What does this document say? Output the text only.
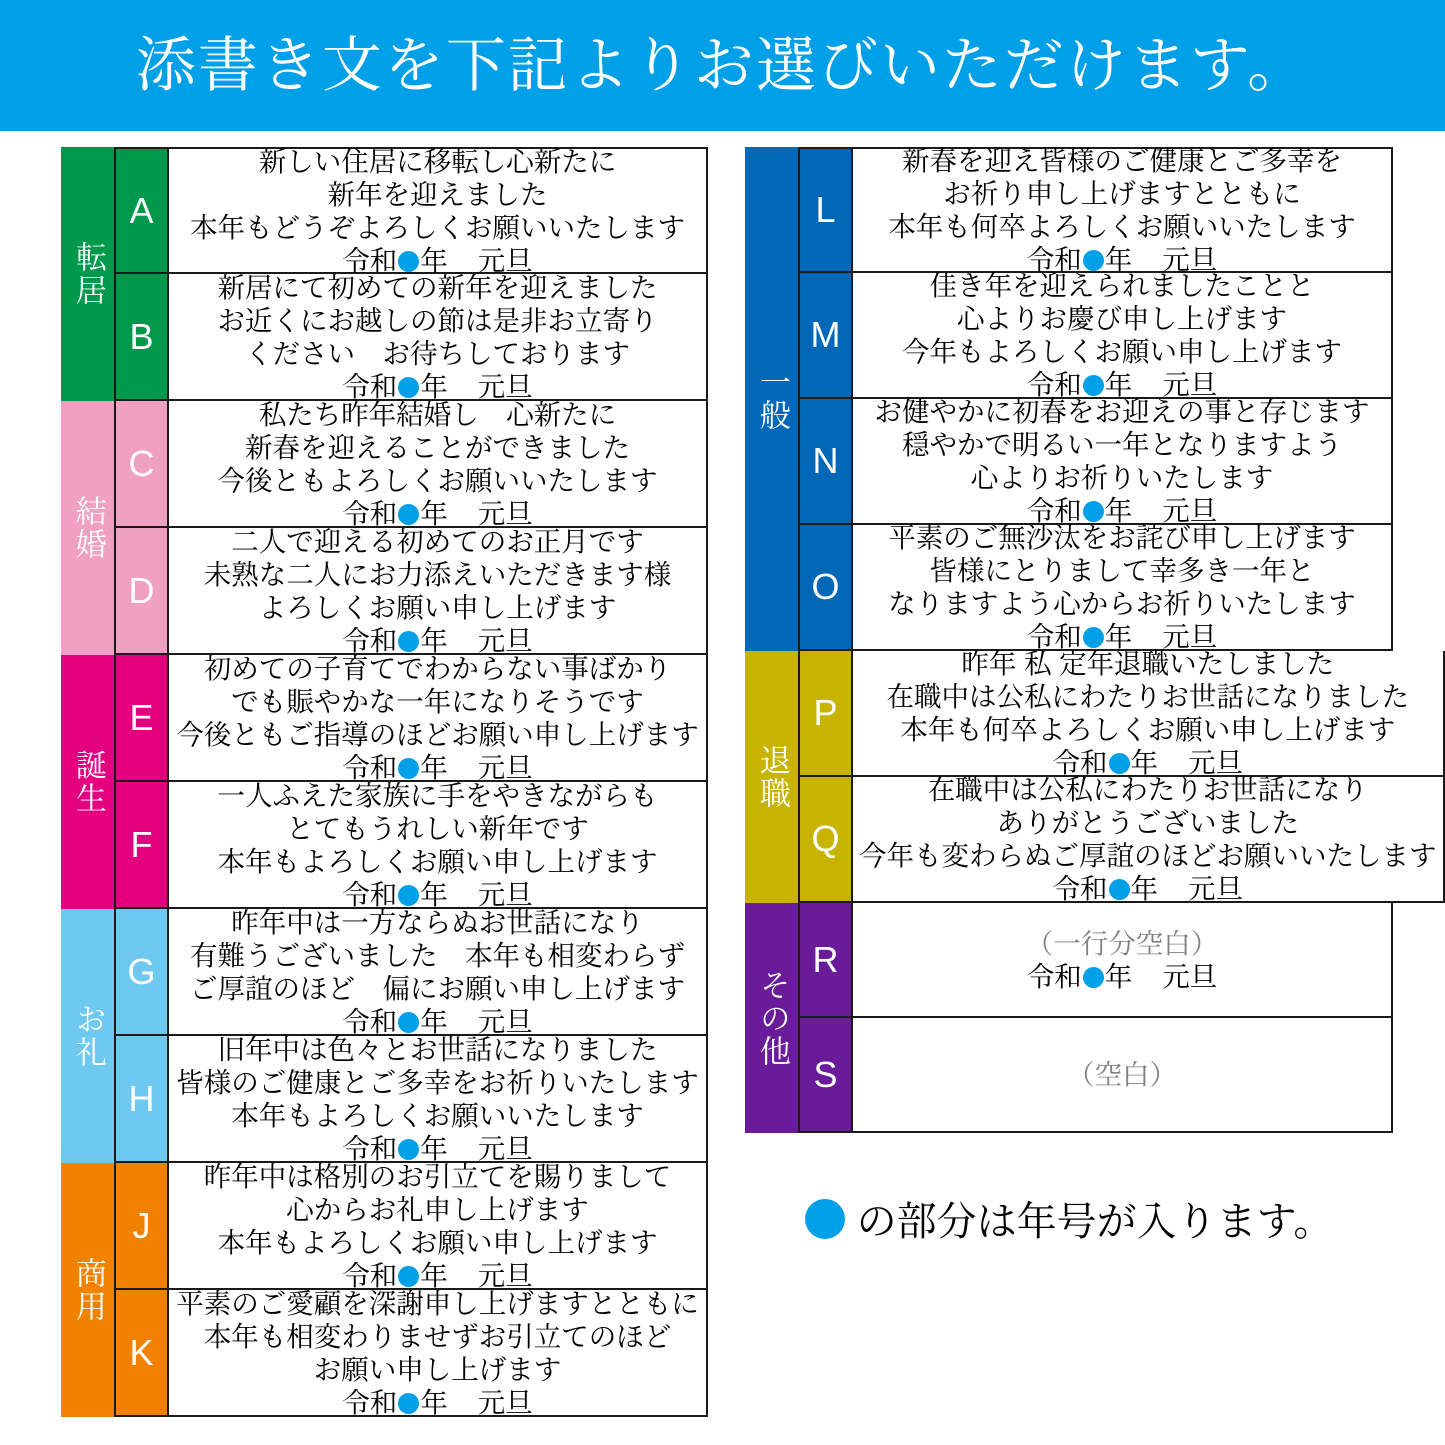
添書き文を下記よりお選びいただけます。
転居
A
新しい住居に移転し心新たに
新年を迎えました
本年もどうぞよろしくお願いいたします
令和 年 元旦
B
新居にて初めての新年を迎えました
お近くにお越しの節は是非お立寄り
ください　お待ちしております
令和 年 元旦
結婚
C
私たち昨年結婚し　心新たに
新春を迎えることができました
今後ともよろしくお願いいたします
令和 年 元旦
D
二人で迎える初めてのお正月です
未熟な二人にお力添えいただきます様
よろしくお願い申し上げます
令和 年 元旦
誕生
E
初めての子育てでわからない事ばかり
でも賑やかな一年になりそうです
今後ともご指導のほどお願い申し上げます
令和 年 元旦
F
一人ふえた家族に手をやきながらも
とてもうれしい新年です
本年もよろしくお願い申し上げます
令和 年 元旦
お礼
G
昨年中は一方ならぬお世話になり
有難うございました　本年も相変わらず
ご厚誼のほど　偏にお願い申し上げます
令和 年 元旦
H
旧年中は色々とお世話になりました
皆様のご健康とご多幸をお祈りいたします
本年もよろしくお願いいたします
令和 年 元旦
商用
J
昨年中は格別のお引立てを賜りまして
心からお礼申し上げます
本年もよろしくお願い申し上げます
令和 年 元旦
K
平素のご愛顧を深謝申し上げますとともに
本年も相変わりませずお引立てのほど
お願い申し上げます
令和 年 元旦
一般
L
新春を迎え皆様のご健康とご多幸を
お祈り申し上げますとともに
本年も何卒よろしくお願いいたします
令和 年 元旦
M
佳き年を迎えられましたことと
心よりお慶び申し上げます
今年もよろしくお願い申し上げます
令和 年 元旦
N
お健やかに初春をお迎えの事と存じます
穏やかで明るい一年となりますよう
心よりお祈りいたします
令和 年 元旦
O
平素のご無沙汰をお詫び申し上げます
皆様にとりまして幸多き一年と
なりますよう心からお祈りいたします
令和 年 元旦
退職
P
昨年 私 定年退職いたしました
在職中は公私にわたりお世話になりました
本年も何卒よろしくお願い申し上げます
令和 年 元旦
Q
在職中は公私にわたりお世話になり
ありがとうございました
今年も変わらぬご厚誼のほどお願いいたします
令和 年 元旦
その他
R	（一行分空白）
令和 年 元旦
S	（空白）
の部分は年号が入ります。
